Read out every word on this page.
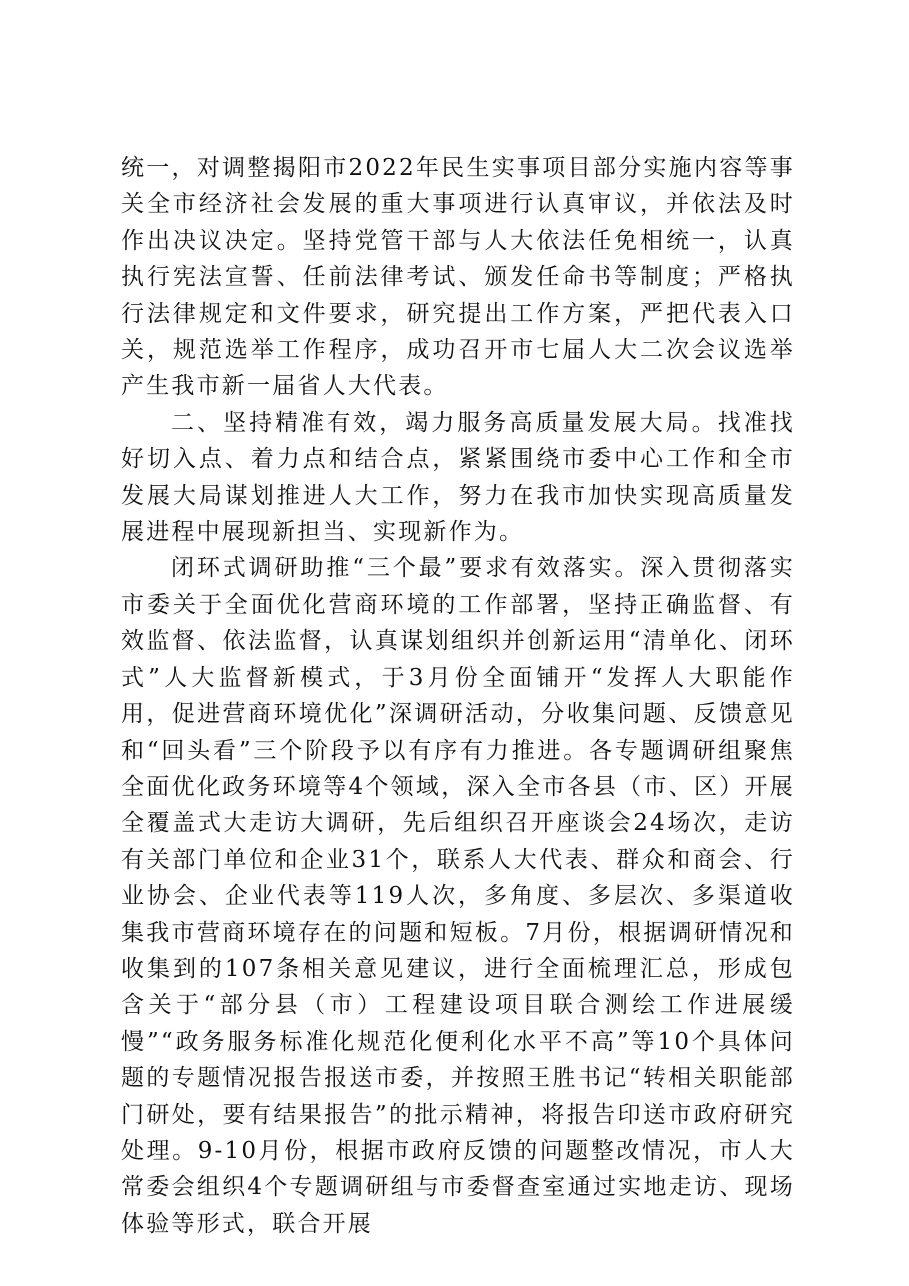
统一，对调整揭阳市2022年民生实事项目部分实施内容等事关全市经济社会发展的重大事项进行认真审议，并依法及时作出决议决定。坚持党管干部与人大依法任免相统一，认真执行宪法宣誓、任前法律考试、颁发任命书等制度；严格执行法律规定和文件要求，研究提出工作方案，严把代表入口关，规范选举工作程序，成功召开市七届人大二次会议选举产生我市新一届省人大代表。

二、坚持精准有效，竭力服务高质量发展大局。找准找好切入点、着力点和结合点，紧紧围绕市委中心工作和全市发展大局谋划推进人大工作，努力在我市加快实现高质量发展进程中展现新担当、实现新作为。

闭环式调研助推“三个最”要求有效落实。深入贯彻落实市委关于全面优化营商环境的工作部署，坚持正确监督、有效监督、依法监督，认真谋划组织并创新运用“清单化、闭环式”人大监督新模式，于3月份全面铺开“发挥人大职能作用，促进营商环境优化”深调研活动，分收集问题、反馈意见和“回头看”三个阶段予以有序有力推进。各专题调研组聚焦全面优化政务环境等4个领域，深入全市各县（市、区）开展全覆盖式大走访大调研，先后组织召开座谈会24场次，走访有关部门单位和企业31个，联系人大代表、群众和商会、行业协会、企业代表等119人次，多角度、多层次、多渠道收集我市营商环境存在的问题和短板。7月份，根据调研情况和收集到的107条相关意见建议，进行全面梳理汇总，形成包含关于“部分县（市）工程建设项目联合测绘工作进展缓慢”“政务服务标准化规范化便利化水平不高”等10个具体问题的专题情况报告报送市委，并按照王胜书记“转相关职能部门研处，要有结果报告”的批示精神，将报告印送市政府研究处理。9-10月份，根据市政府反馈的问题整改情况，市人大常委会组织4个专题调研组与市委督查室通过实地走访、现场体验等形式，联合开展
